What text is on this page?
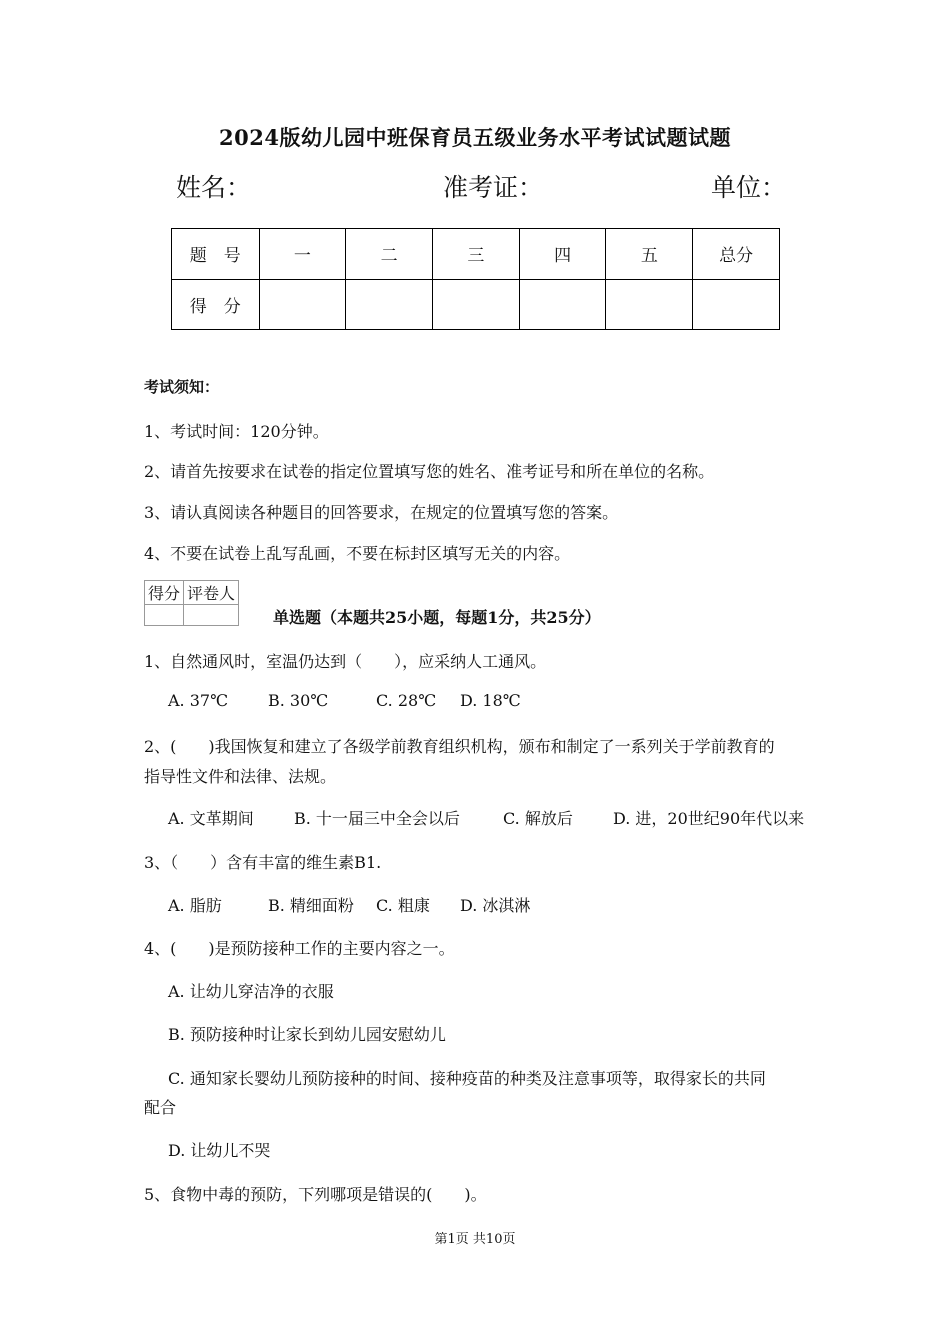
2024版幼儿园中班保育员五级业务水平考试试题试题
姓名：	准考证：	单位：
题　号	一	二	三	四	五	总分
得　分						
考试须知：
1、考试时间：120分钟。
2、请首先按要求在试卷的指定位置填写您的姓名、准考证号和所在单位的名称。
3、请认真阅读各种题目的回答要求，在规定的位置填写您的答案。
4、不要在试卷上乱写乱画，不要在标封区填写无关的内容。
得分	评卷人

单选题（本题共25小题，每题1分，共25分）
1、自然通风时，室温仍达到（　　），应采纳人工通风。
A. 37℃	B. 30℃	C. 28℃ D. 18℃
2、(　　)我国恢复和建立了各级学前教育组织机构，颁布和制定了一系列关于学前教育的
指导性文件和法律、法规。
A. 文革期间	B. 十一届三中全会以后	C. 解放后	D. 进，20世纪90年代以来
3、（　　）含有丰富的维生素B1.
A. 脂肪	B. 精细面粉 C. 粗康 D. 冰淇淋
4、(　　)是预防接种工作的主要内容之一。
A. 让幼儿穿洁净的衣服
B. 预防接种时让家长到幼儿园安慰幼儿
C. 通知家长婴幼儿预防接种的时间、接种疫苗的种类及注意事项等，取得家长的共同
配合
D. 让幼儿不哭
5、食物中毒的预防，下列哪项是错误的(　　)。
第1页 共10页
